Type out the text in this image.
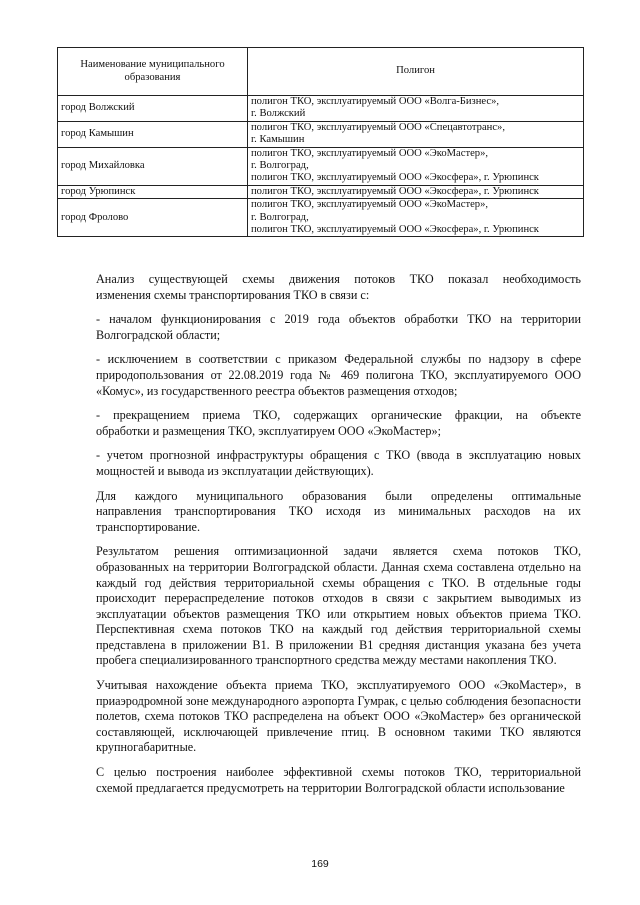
Наименование муниципального
образования	Полигон
город Волжский	полигон ТКО, эксплуатируемый ООО «Волга-Бизнес»,
г. Волжский

город Камышин	полигон ТКО, эксплуатируемый ООО «Спецавтотранс»,
г. Камышин

город Михайловка	полигон ТКО, эксплуатируемый ООО «ЭкоМастер»,
г. Волгоград,
полигон ТКО, эксплуатируемый ООО «Экосфера», г. Урюпинск

город Урюпинск	полигон ТКО, эксплуатируемый ООО «Экосфера», г. Урюпинск

город Фролово	полигон ТКО, эксплуатируемый ООО «ЭкоМастер»,
г. Волгоград,
полигон ТКО, эксплуатируемый ООО «Экосфера», г. Урюпинск

Анализ существующей схемы движения потоков ТКО показал необходимость
изменения схемы транспортирования ТКО в связи с:

- началом функционирования с 2019 года объектов обработки ТКО на территории
Волгоградской области;

- исключением в соответствии с приказом Федеральной службы по надзору в сфере
природопользования от 22.08.2019 года № 469 полигона ТКО, эксплуатируемого ООО
«Комус», из государственного реестра объектов размещения отходов;

- прекращением приема ТКО, содержащих органические фракции, на объекте
обработки и размещения ТКО, эксплуатируем ООО «ЭкоМастер»;

- учетом прогнозной инфраструктуры обращения с ТКО (ввода в эксплуатацию новых
мощностей и вывода из эксплуатации действующих).

Для каждого муниципального образования были определены оптимальные
направления транспортирования ТКО исходя из минимальных расходов на их
транспортирование.

Результатом решения оптимизационной задачи является схема потоков ТКО,
образованных на территории Волгоградской области. Данная схема составлена отдельно на
каждый год действия территориальной схемы обращения с ТКО. В отдельные годы
происходит перераспределение потоков отходов в связи с закрытием выводимых из
эксплуатации объектов размещения ТКО или открытием новых объектов приема ТКО.
Перспективная схема потоков ТКО на каждый год действия территориальной схемы
представлена в приложении В1. В приложении В1 средняя дистанция указана без учета
пробега специализированного транспортного средства между местами накопления ТКО.

Учитывая нахождение объекта приема ТКО, эксплуатируемого ООО «ЭкоМастер», в
приаэродромной зоне международного аэропорта Гумрак, с целью соблюдения безопасности
полетов, схема потоков ТКО распределена на объект ООО «ЭкоМастер» без органической
составляющей, исключающей привлечение птиц. В основном такими ТКО являются
крупногабаритные.

С целью построения наиболее эффективной схемы потоков ТКО, территориальной
схемой предлагается предусмотреть на территории Волгоградской области использование

169
